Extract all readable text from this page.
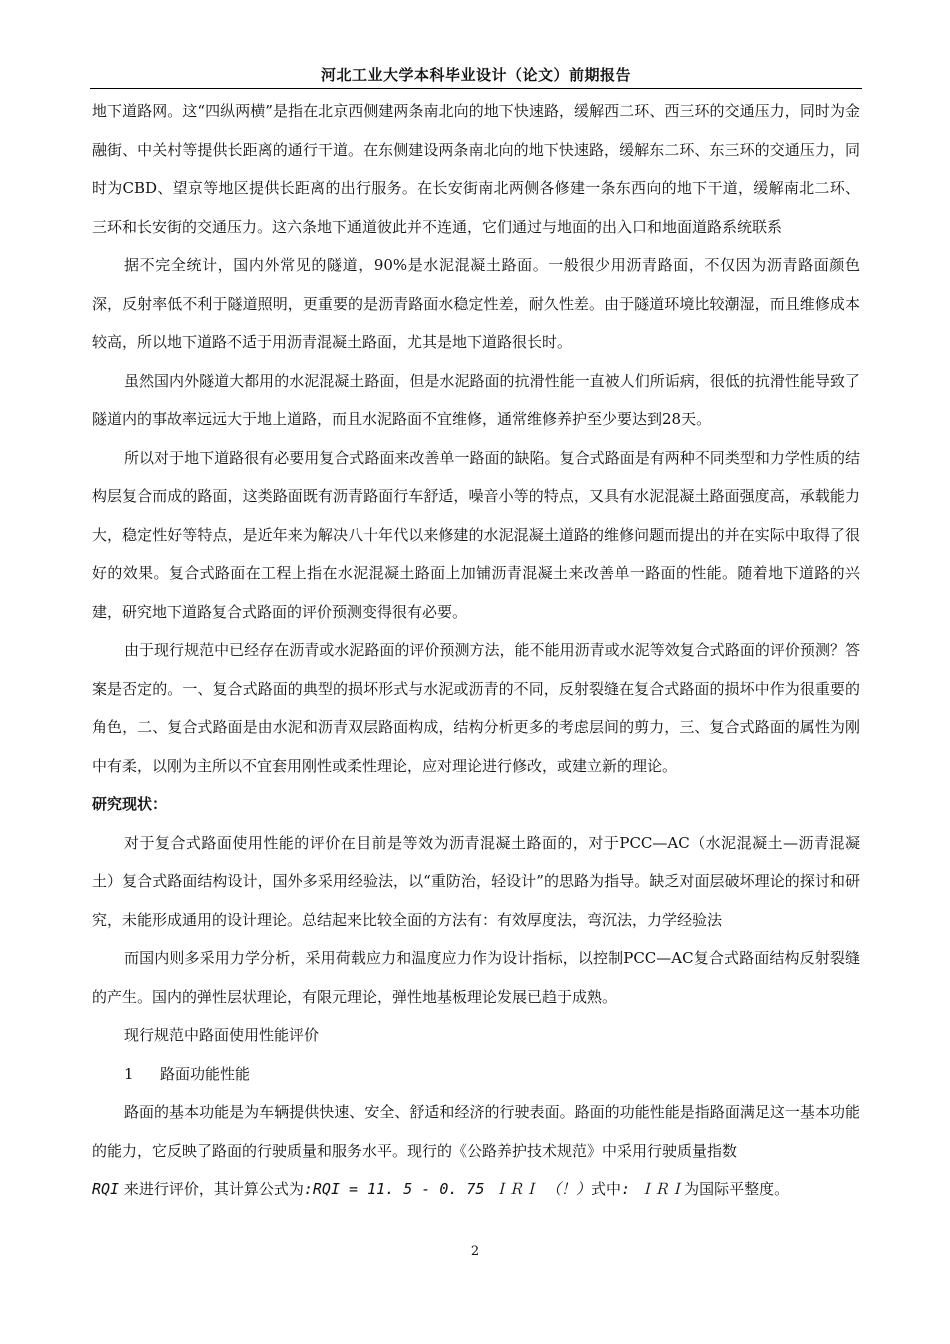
河北工业大学本科毕业设计（论文）前期报告

地下道路网。这“四纵两横”是指在北京西侧建两条南北向的地下快速路，缓解西二环、西三环的交通压力，同时为金融街、中关村等提供长距离的通行干道。在东侧建设两条南北向的地下快速路，缓解东二环、东三环的交通压力，同时为CBD、望京等地区提供长距离的出行服务。在长安街南北两侧各修建一条东西向的地下干道，缓解南北二环、三环和长安街的交通压力。这六条地下通道彼此并不连通，它们通过与地面的出入口和地面道路系统联系

据不完全统计，国内外常见的隧道，90%是水泥混凝土路面。一般很少用沥青路面，不仅因为沥青路面颜色深，反射率低不利于隧道照明，更重要的是沥青路面水稳定性差，耐久性差。由于隧道环境比较潮湿，而且维修成本较高，所以地下道路不适于用沥青混凝土路面，尤其是地下道路很长时。

虽然国内外隧道大都用的水泥混凝土路面，但是水泥路面的抗滑性能一直被人们所诟病，很低的抗滑性能导致了隧道内的事故率远远大于地上道路，而且水泥路面不宜维修，通常维修养护至少要达到28天。

所以对于地下道路很有必要用复合式路面来改善单一路面的缺陷。复合式路面是有两种不同类型和力学性质的结构层复合而成的路面，这类路面既有沥青路面行车舒适，噪音小等的特点，又具有水泥混凝土路面强度高，承载能力大，稳定性好等特点，是近年来为解决八十年代以来修建的水泥混凝土道路的维修问题而提出的并在实际中取得了很好的效果。复合式路面在工程上指在水泥混凝土路面上加铺沥青混凝土来改善单一路面的性能。随着地下道路的兴建，研究地下道路复合式路面的评价预测变得很有必要。

由于现行规范中已经存在沥青或水泥路面的评价预测方法，能不能用沥青或水泥等效复合式路面的评价预测？答案是否定的。一、复合式路面的典型的损坏形式与水泥或沥青的不同，反射裂缝在复合式路面的损坏中作为很重要的角色，二、复合式路面是由水泥和沥青双层路面构成，结构分析更多的考虑层间的剪力，三、复合式路面的属性为刚中有柔，以刚为主所以不宜套用刚性或柔性理论，应对理论进行修改，或建立新的理论。

研究现状：

对于复合式路面使用性能的评价在目前是等效为沥青混凝土路面的，对于PCC—AC（水泥混凝土—沥青混凝土）复合式路面结构设计，国外多采用经验法，以“重防治，轻设计”的思路为指导。缺乏对面层破坏理论的探讨和研究，未能形成通用的设计理论。总结起来比较全面的方法有：有效厚度法，弯沉法，力学经验法

而国内则多采用力学分析，采用荷载应力和温度应力作为设计指标，以控制PCC—AC复合式路面结构反射裂缝的产生。国内的弹性层状理论，有限元理论，弹性地基板理论发展已趋于成熟。

现行规范中路面使用性能评价

1 路面功能性能

路面的基本功能是为车辆提供快速、安全、舒适和经济的行驶表面。路面的功能性能是指路面满足这一基本功能的能力，它反映了路面的行驶质量和服务水平。现行的《公路养护技术规范》中采用行驶质量指数
RQI 来进行评价，其计算公式为:RQI = 11. 5 - 0. 75 ＩＲＩ　（！）式中: ＩＲＩ为国际平整度。

2
